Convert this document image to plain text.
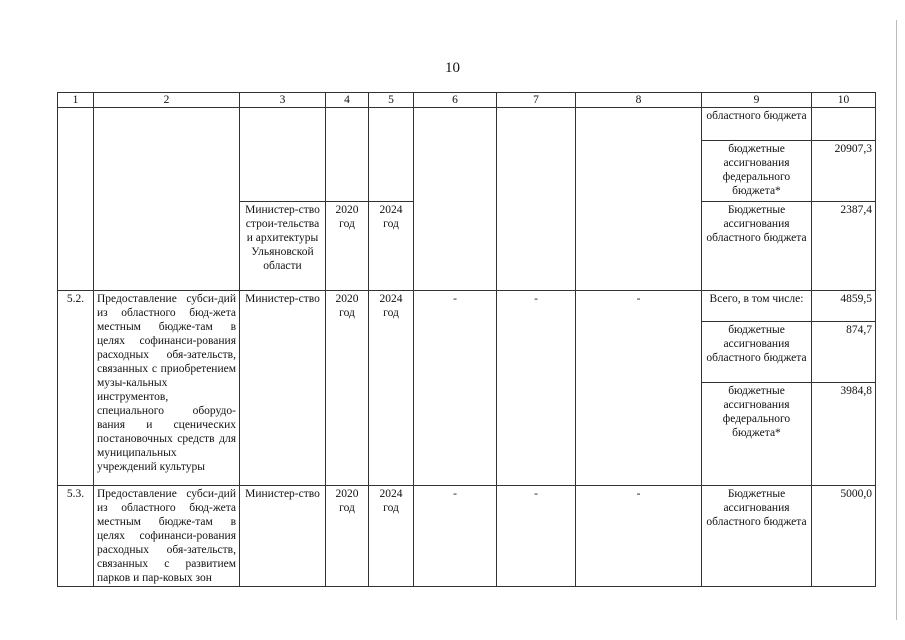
10
1	2	3	4	5	6	7	8	9	10
								областного бюджета	
								бюджетные ассигнования федерального бюджета*	20907,3
		Министер-ство строи-тельства и архитектуры Ульяновской области	2020 год	2024 год				Бюджетные ассигнования областного бюджета	2387,4
5.2.	Предоставление субси-дий из областного бюд-жета местным бюдже-там в целях софинанси-рования расходных обя-зательств, связанных с приобретением музы-кальных инструментов, специального оборудо-вания и сценических постановочных средств для муниципальных учреждений культуры	Министер-ство	2020 год	2024 год	-	-	-	Всего, в том числе:	4859,5
								бюджетные ассигнования областного бюджета	874,7
								бюджетные ассигнования федерального бюджета*	3984,8
5.3.	Предоставление субси-дий из областного бюд-жета местным бюдже-там в целях софинанси-рования расходных обя-зательств, связанных с развитием парков и пар-ковых зон	Министер-ство	2020 год	2024 год	-	-	-	Бюджетные ассигнования областного бюджета	5000,0
